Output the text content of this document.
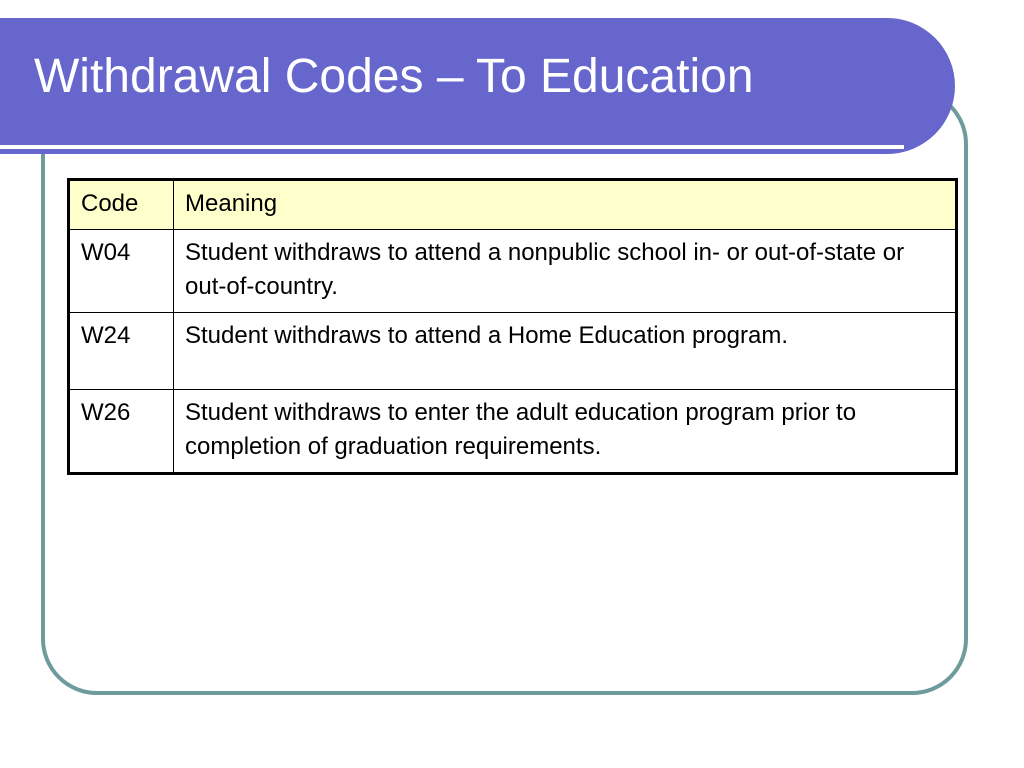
Withdrawal Codes – To Education
Code	Meaning
W04	Student withdraws to attend a nonpublic school in- or out-of-state or out-of-country.
W24	Student withdraws to attend a Home Education program.
W26	Student withdraws to enter the adult education program prior to completion of graduation requirements.
